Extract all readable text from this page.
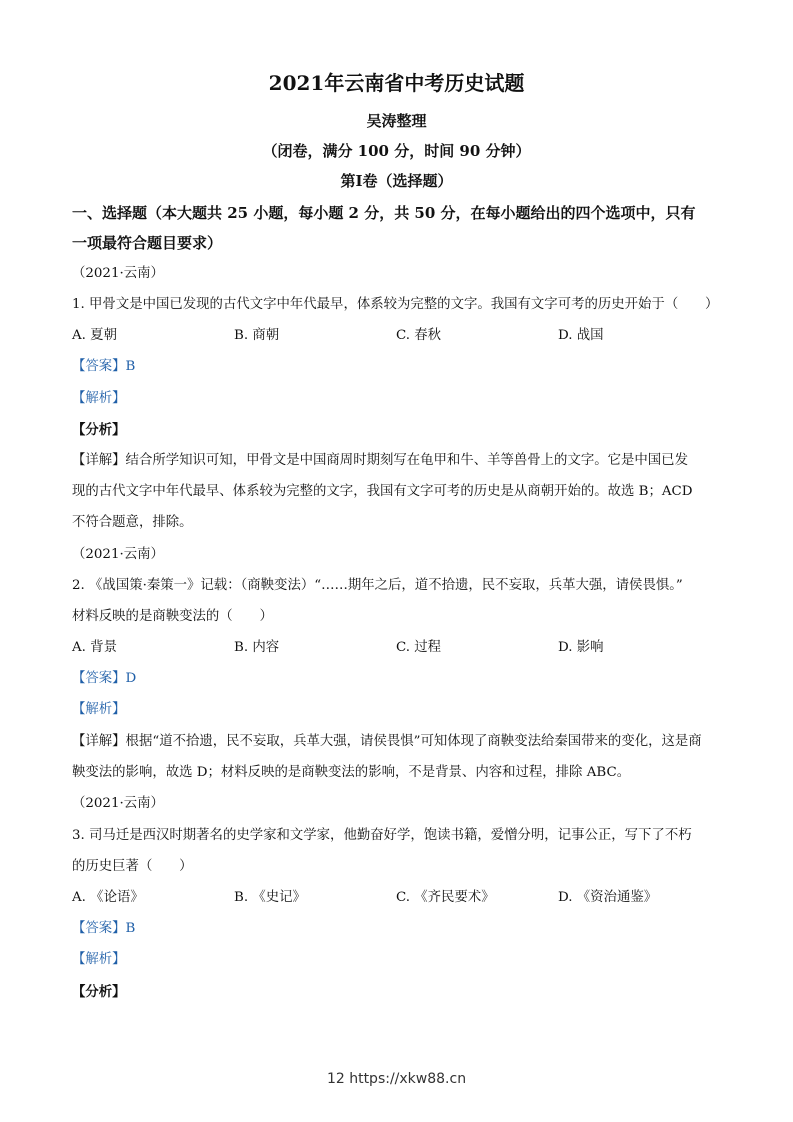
2021年云南省中考历史试题
吴涛整理
（闭卷，满分 100 分，时间 90 分钟）
第Ⅰ卷（选择题）
一、选择题（本大题共 25 小题，每小题 2 分，共 50 分，在每小题给出的四个选项中，只有
一项最符合题目要求）
（2021·云南）
1. 甲骨文是中国已发现的古代文字中年代最早，体系较为完整的文字。我国有文字可考的历史开始于（　　）
A. 夏朝	B. 商朝	C. 春秋	D. 战国
【答案】B
【解析】
【分析】
【详解】结合所学知识可知，甲骨文是中国商周时期刻写在龟甲和牛、羊等兽骨上的文字。它是中国已发
现的古代文字中年代最早、体系较为完整的文字，我国有文字可考的历史是从商朝开始的。故选 B；ACD
不符合题意，排除。
（2021·云南）
2. 《战国策·秦策一》记载：（商鞅变法）“……期年之后，道不拾遗，民不妄取，兵革大强，请侯畏惧。”
材料反映的是商鞅变法的（　　）
A. 背景	B. 内容	C. 过程	D. 影响
【答案】D
【解析】
【详解】根据“道不拾遗，民不妄取，兵革大强，请侯畏惧”可知体现了商鞅变法给秦国带来的变化，这是商
鞅变法的影响，故选 D；材料反映的是商鞅变法的影响，不是背景、内容和过程，排除 ABC。
（2021·云南）
3. 司马迁是西汉时期著名的史学家和文学家，他勤奋好学，饱读书籍，爱憎分明，记事公正，写下了不朽
的历史巨著（　　）
A. 《论语》	B. 《史记》	C. 《齐民要术》	D. 《资治通鉴》
【答案】B
【解析】
【分析】
12 https://xkw88.cn
